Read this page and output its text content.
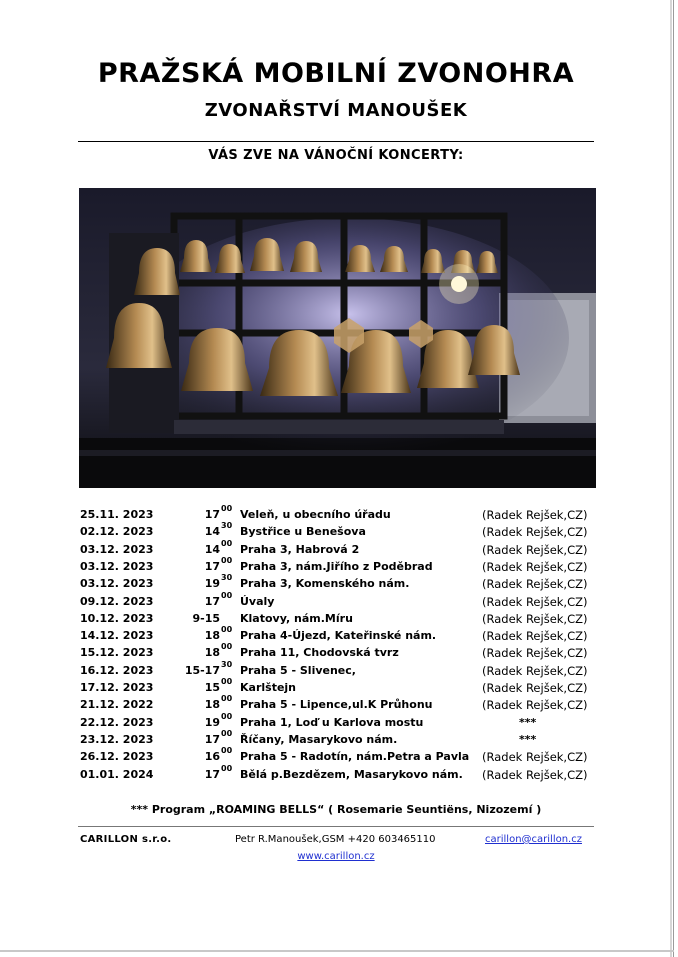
PRAŽSKÁ MOBILNÍ ZVONOHRA
ZVONAŘSTVÍ MANOUŠEK
VÁS ZVE NA VÁNOČNÍ KONCERTY:
25.11. 2023	17 00 Veleň, u obecního úřadu	(Radek Rejšek,CZ)
02.12. 2023	14 30 Bystřice u Benešova	(Radek Rejšek,CZ)
03.12. 2023	14 00 Praha 3, Habrová 2	(Radek Rejšek,CZ)
03.12. 2023	17 00 Praha 3, nám.Jiřího z Poděbrad	(Radek Rejšek,CZ)
03.12. 2023	19 30 Praha 3, Komenského nám.	(Radek Rejšek,CZ)
09.12. 2023	17 00 Úvaly	(Radek Rejšek,CZ)
10.12. 2023	9-15 Klatovy, nám.Míru	(Radek Rejšek,CZ)
14.12. 2023	18 00 Praha 4-Újezd, Kateřinské nám.	(Radek Rejšek,CZ)
15.12. 2023	18 00 Praha 11, Chodovská tvrz	(Radek Rejšek,CZ)
16.12. 2023	15-17 30 Praha 5 - Slivenec,	(Radek Rejšek,CZ)
17.12. 2023	15 00 Karlštejn	(Radek Rejšek,CZ)
21.12. 2022	18 00 Praha 5 - Lipence,ul.K Průhonu	(Radek Rejšek,CZ)
22.12. 2023	19 00 Praha 1, Loď u Karlova mostu	***
23.12. 2023	17 00 Říčany, Masarykovo nám.	***
26.12. 2023	16 00 Praha 5 - Radotín, nám.Petra a Pavla (Radek Rejšek,CZ)
01.01. 2024	17 00 Bělá p.Bezdězem, Masarykovo nám. (Radek Rejšek,CZ)
*** Program „ROAMING BELLS“ ( Rosemarie Seuntiëns, Nizozemí )
CARILLON s.r.o.	Petr R.Manoušek,GSM +420 603465110	carillon@carillon.cz
www.carillon.cz
